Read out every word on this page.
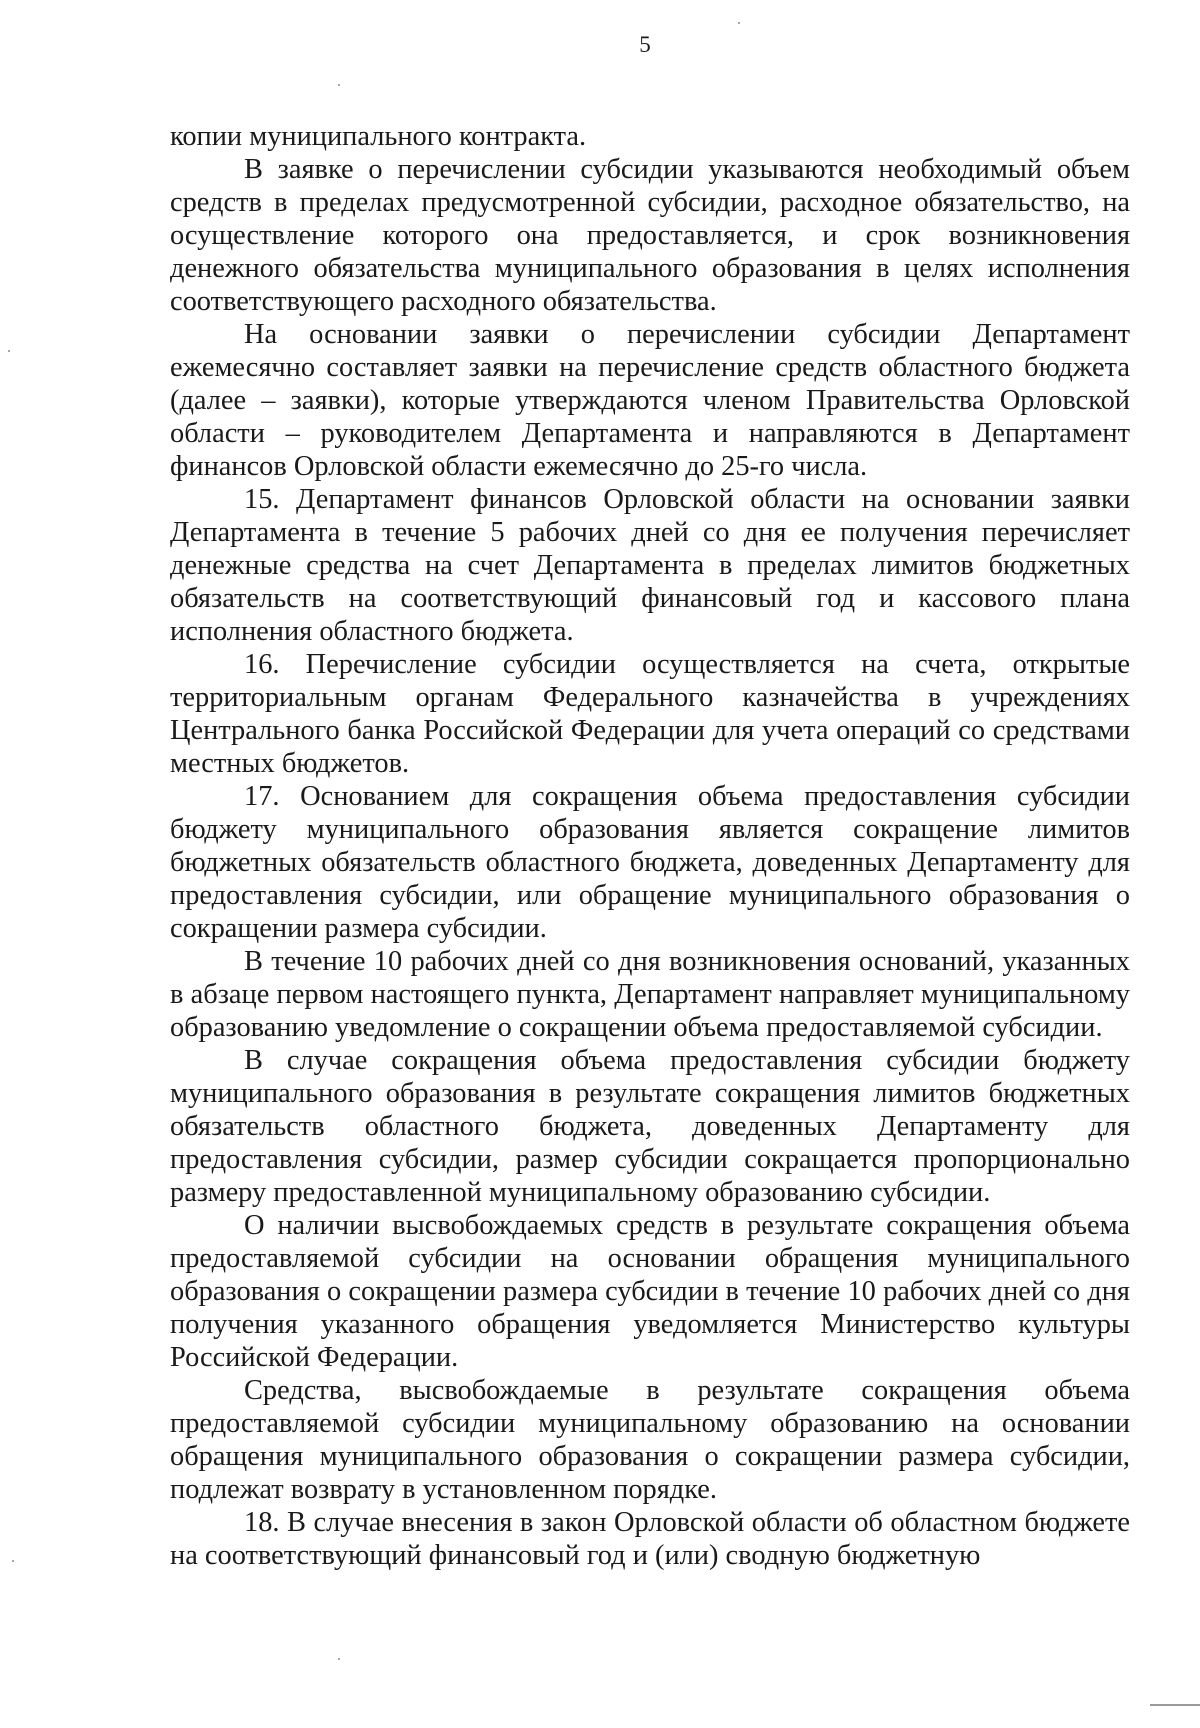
5

копии муниципального контракта.

В заявке о перечислении субсидии указываются необходимый объем средств в пределах предусмотренной субсидии, расходное обязательство, на осуществление которого она предоставляется, и срок возникновения денежного обязательства муниципального образования в целях исполнения соответствующего расходного обязательства.

На основании заявки о перечислении субсидии Департамент ежемесячно составляет заявки на перечисление средств областного бюджета (далее – заявки), которые утверждаются членом Правительства Орловской области – руководителем Департамента и направляются в Департамент финансов Орловской области ежемесячно до 25-го числа.

15. Департамент финансов Орловской области на основании заявки Департамента в течение 5 рабочих дней со дня ее получения перечисляет денежные средства на счет Департамента в пределах лимитов бюджетных обязательств на соответствующий финансовый год и кассового плана исполнения областного бюджета.

16. Перечисление субсидии осуществляется на счета, открытые территориальным органам Федерального казначейства в учреждениях Центрального банка Российской Федерации для учета операций со средствами местных бюджетов.

17. Основанием для сокращения объема предоставления субсидии бюджету муниципального образования является сокращение лимитов бюджетных обязательств областного бюджета, доведенных Департаменту для предоставления субсидии, или обращение муниципального образования о сокращении размера субсидии.

В течение 10 рабочих дней со дня возникновения оснований, указанных в абзаце первом настоящего пункта, Департамент направляет муниципальному образованию уведомление о сокращении объема предоставляемой субсидии.

В случае сокращения объема предоставления субсидии бюджету муниципального образования в результате сокращения лимитов бюджетных обязательств областного бюджета, доведенных Департаменту для предоставления субсидии, размер субсидии сокращается пропорционально размеру предоставленной муниципальному образованию субсидии.

О наличии высвобождаемых средств в результате сокращения объема предоставляемой субсидии на основании обращения муниципального образования о сокращении размера субсидии в течение 10 рабочих дней со дня получения указанного обращения уведомляется Министерство культуры Российской Федерации.

Средства, высвобождаемые в результате сокращения объема предоставляемой субсидии муниципальному образованию на основании обращения муниципального образования о сокращении размера субсидии, подлежат возврату в установленном порядке.

18. В случае внесения в закон Орловской области об областном бюджете на соответствующий финансовый год и (или) сводную бюджетную
